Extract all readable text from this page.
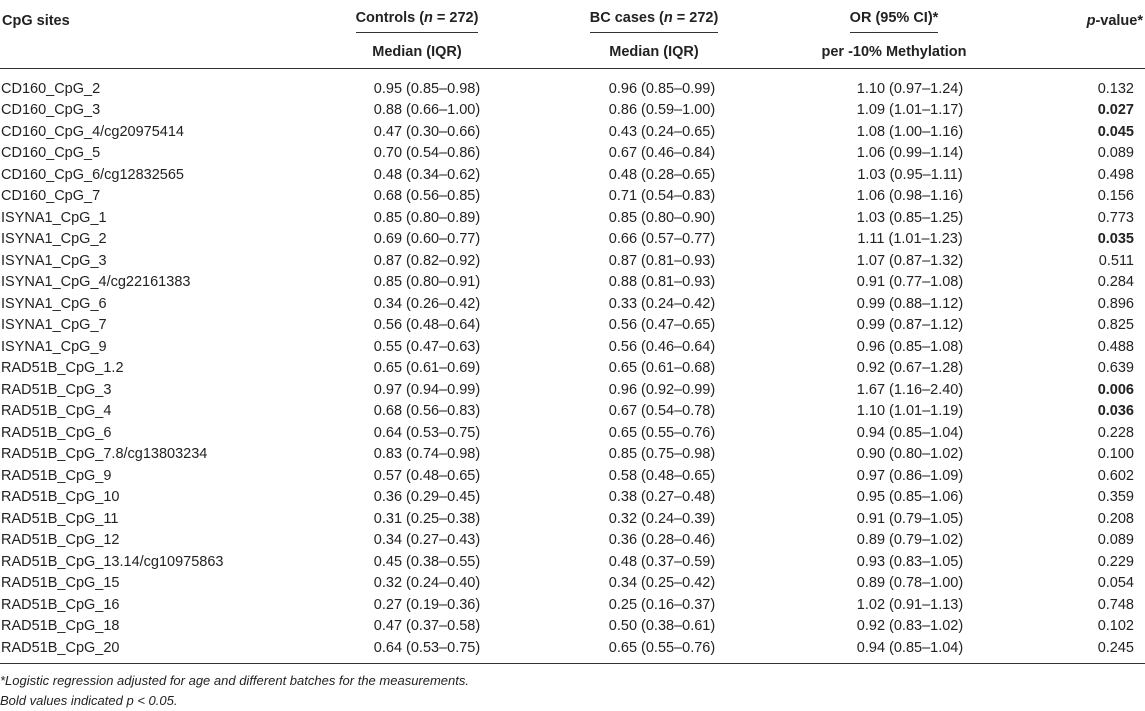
CpG sites	Controls (n = 272)	BC cases (n = 272)	OR (95% CI)*	p-value*
	Median (IQR)	Median (IQR)	per -10% Methylation	

CD160_CpG_2	0.95 (0.85–0.98)	0.96 (0.85–0.99)	1.10 (0.97–1.24)	0.132
CD160_CpG_3	0.88 (0.66–1.00)	0.86 (0.59–1.00)	1.09 (1.01–1.17)	0.027
CD160_CpG_4/cg20975414	0.47 (0.30–0.66)	0.43 (0.24–0.65)	1.08 (1.00–1.16)	0.045
CD160_CpG_5	0.70 (0.54–0.86)	0.67 (0.46–0.84)	1.06 (0.99–1.14)	0.089
CD160_CpG_6/cg12832565	0.48 (0.34–0.62)	0.48 (0.28–0.65)	1.03 (0.95–1.11)	0.498
CD160_CpG_7	0.68 (0.56–0.85)	0.71 (0.54–0.83)	1.06 (0.98–1.16)	0.156
ISYNA1_CpG_1	0.85 (0.80–0.89)	0.85 (0.80–0.90)	1.03 (0.85–1.25)	0.773
ISYNA1_CpG_2	0.69 (0.60–0.77)	0.66 (0.57–0.77)	1.11 (1.01–1.23)	0.035
ISYNA1_CpG_3	0.87 (0.82–0.92)	0.87 (0.81–0.93)	1.07 (0.87–1.32)	0.511
ISYNA1_CpG_4/cg22161383	0.85 (0.80–0.91)	0.88 (0.81–0.93)	0.91 (0.77–1.08)	0.284
ISYNA1_CpG_6	0.34 (0.26–0.42)	0.33 (0.24–0.42)	0.99 (0.88–1.12)	0.896
ISYNA1_CpG_7	0.56 (0.48–0.64)	0.56 (0.47–0.65)	0.99 (0.87–1.12)	0.825
ISYNA1_CpG_9	0.55 (0.47–0.63)	0.56 (0.46–0.64)	0.96 (0.85–1.08)	0.488
RAD51B_CpG_1.2	0.65 (0.61–0.69)	0.65 (0.61–0.68)	0.92 (0.67–1.28)	0.639
RAD51B_CpG_3	0.97 (0.94–0.99)	0.96 (0.92–0.99)	1.67 (1.16–2.40)	0.006
RAD51B_CpG_4	0.68 (0.56–0.83)	0.67 (0.54–0.78)	1.10 (1.01–1.19)	0.036
RAD51B_CpG_6	0.64 (0.53–0.75)	0.65 (0.55–0.76)	0.94 (0.85–1.04)	0.228
RAD51B_CpG_7.8/cg13803234	0.83 (0.74–0.98)	0.85 (0.75–0.98)	0.90 (0.80–1.02)	0.100
RAD51B_CpG_9	0.57 (0.48–0.65)	0.58 (0.48–0.65)	0.97 (0.86–1.09)	0.602
RAD51B_CpG_10	0.36 (0.29–0.45)	0.38 (0.27–0.48)	0.95 (0.85–1.06)	0.359
RAD51B_CpG_11	0.31 (0.25–0.38)	0.32 (0.24–0.39)	0.91 (0.79–1.05)	0.208
RAD51B_CpG_12	0.34 (0.27–0.43)	0.36 (0.28–0.46)	0.89 (0.79–1.02)	0.089
RAD51B_CpG_13.14/cg10975863	0.45 (0.38–0.55)	0.48 (0.37–0.59)	0.93 (0.83–1.05)	0.229
RAD51B_CpG_15	0.32 (0.24–0.40)	0.34 (0.25–0.42)	0.89 (0.78–1.00)	0.054
RAD51B_CpG_16	0.27 (0.19–0.36)	0.25 (0.16–0.37)	1.02 (0.91–1.13)	0.748
RAD51B_CpG_18	0.47 (0.37–0.58)	0.50 (0.38–0.61)	0.92 (0.83–1.02)	0.102
RAD51B_CpG_20	0.64 (0.53–0.75)	0.65 (0.55–0.76)	0.94 (0.85–1.04)	0.245
*Logistic regression adjusted for age and different batches for the measurements.
Bold values indicated p < 0.05.
